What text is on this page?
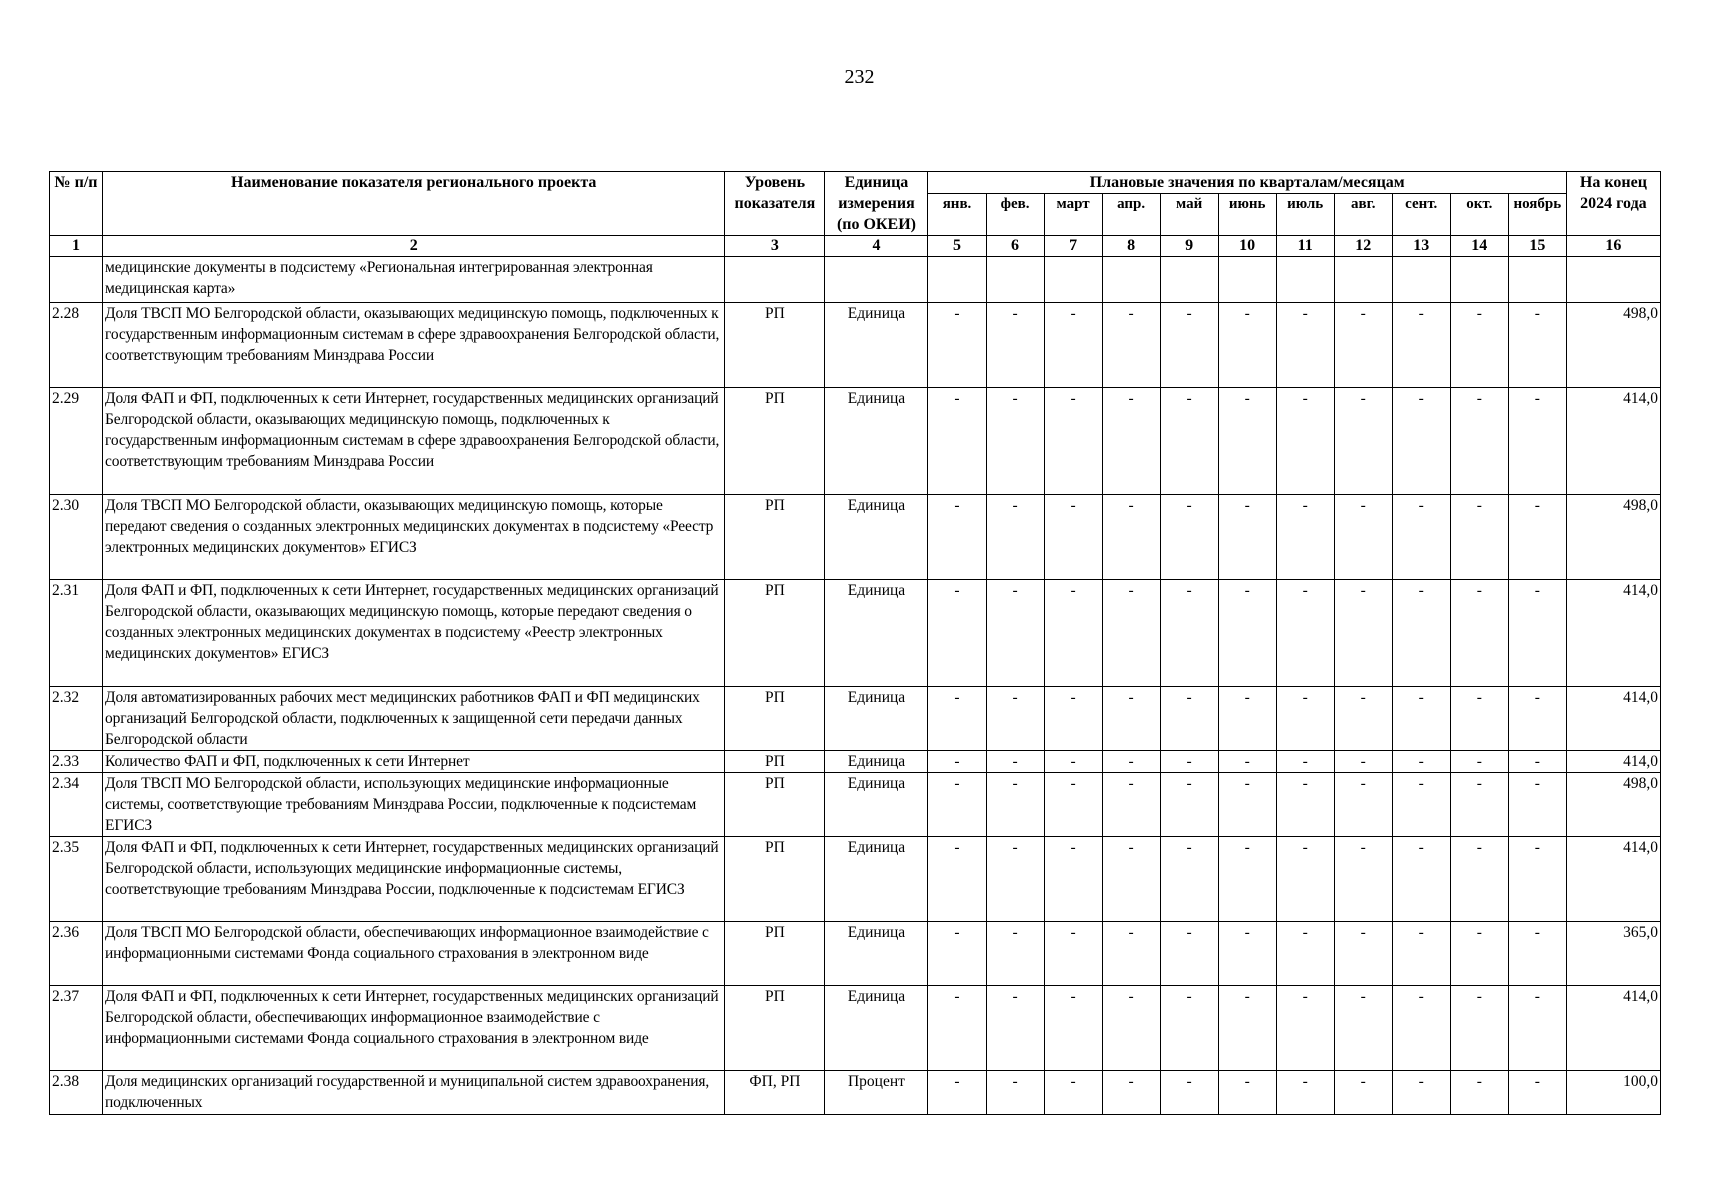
232
№ п/п	Наименование показателя регионального проекта	Уровень показателя	Единица измерения (по ОКЕИ)	Плановые значения по кварталам/месяцам											На конец 2024 года
				янв.	фев.	март	апр.	май	июнь	июль	авг.	сент.	окт.	ноябрь	
1	2	3	4	5	6	7	8	9	10	11	12	13	14	15	16
	медицинские документы в подсистему «Региональная интегрированная электронная медицинская карта»														
2.28	Доля ТВСП МО Белгородской области, оказывающих медицинскую помощь, подключенных к государственным информационным системам в сфере здравоохранения Белгородской области, соответствующим требованиям Минздрава России	РП	Единица	-	-	-	-	-	-	-	-	-	-	-	498,0
2.29	Доля ФАП и ФП, подключенных к сети Интернет, государственных медицинских организаций Белгородской области, оказывающих медицинскую помощь, подключенных к государственным информационным системам в сфере здравоохранения Белгородской области, соответствующим требованиям Минздрава России	РП	Единица	-	-	-	-	-	-	-	-	-	-	-	414,0
2.30	Доля ТВСП МО Белгородской области, оказывающих медицинскую помощь, которые передают сведения о созданных электронных медицинских документах в подсистему «Реестр электронных медицинских документов» ЕГИСЗ	РП	Единица	-	-	-	-	-	-	-	-	-	-	-	498,0
2.31	Доля ФАП и ФП, подключенных к сети Интернет, государственных медицинских организаций Белгородской области, оказывающих медицинскую помощь, которые передают сведения о созданных электронных медицинских документах в подсистему «Реестр электронных медицинских документов» ЕГИСЗ	РП	Единица	-	-	-	-	-	-	-	-	-	-	-	414,0
2.32	Доля автоматизированных рабочих мест медицинских работников ФАП и ФП медицинских организаций Белгородской области, подключенных к защищенной сети передачи данных Белгородской области	РП	Единица	-	-	-	-	-	-	-	-	-	-	-	414,0
2.33	Количество ФАП и ФП, подключенных к сети Интернет	РП	Единица	-	-	-	-	-	-	-	-	-	-	-	414,0
2.34	Доля ТВСП МО Белгородской области, использующих медицинские информационные системы, соответствующие требованиям Минздрава России, подключенные к подсистемам ЕГИСЗ	РП	Единица	-	-	-	-	-	-	-	-	-	-	-	498,0
2.35	Доля ФАП и ФП, подключенных к сети Интернет, государственных медицинских организаций Белгородской области, использующих медицинские информационные системы, соответствующие требованиям Минздрава России, подключенные к подсистемам ЕГИСЗ	РП	Единица	-	-	-	-	-	-	-	-	-	-	-	414,0
2.36	Доля ТВСП МО Белгородской области, обеспечивающих информационное взаимодействие с информационными системами Фонда социального страхования в электронном виде	РП	Единица	-	-	-	-	-	-	-	-	-	-	-	365,0
2.37	Доля ФАП и ФП, подключенных к сети Интернет, государственных медицинских организаций Белгородской области, обеспечивающих информационное взаимодействие с информационными системами Фонда социального страхования в электронном виде	РП	Единица	-	-	-	-	-	-	-	-	-	-	-	414,0
2.38	Доля медицинских организаций государственной и муниципальной систем здравоохранения, подключенных	ФП, РП	Процент	-	-	-	-	-	-	-	-	-	-	-	100,0
